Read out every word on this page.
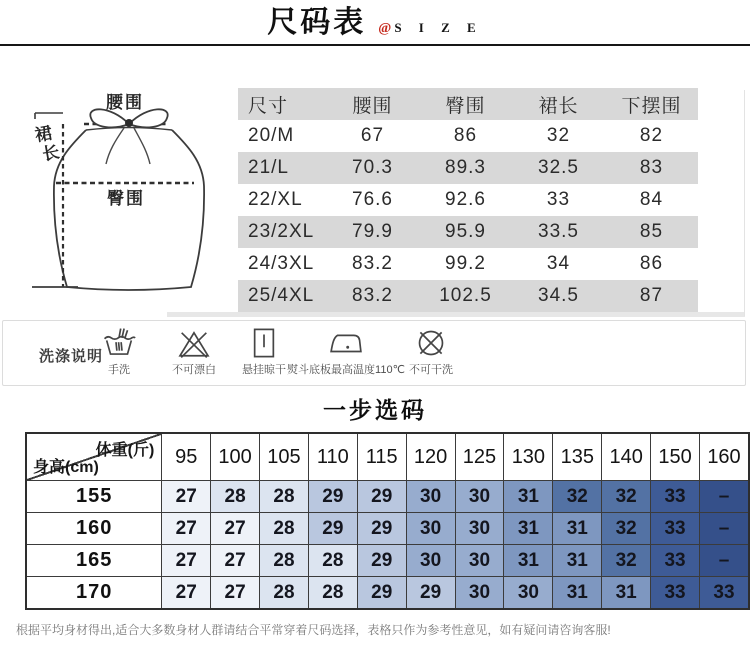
尺码表 @ S I Z E
腰围
臀围
裙 长
尺寸	腰围	臀围	裙长	下摆围
20/M	67	86	32	82
21/L	70.3	89.3	32.5	83
22/XL	76.6	92.6	33	84
23/2XL	79.9	95.9	33.5	85
24/3XL	83.2	99.2	34	86
25/4XL	83.2	102.5	34.5	87
洗涤说明
手洗	不可漂白 悬挂晾干 熨斗底板最高温度110℃ 不可干洗
一步选码
体重(斤)
身高(cm)	95	100	105	110	115	120	125	130	135	140	150	160
155	27	28	28	29	29	30	30	31	32	32	33	–
160	27	27	28	29	29	30	30	31	31	32	33	–
165	27	27	28	28	29	30	30	31	31	32	33	–
170	27	27	28	28	29	29	30	30	31	31	33	33
根据平均身材得出,适合大多数身材人群请结合平常穿着尺码选择，表格只作为参考性意见，如有疑问请咨询客服!
